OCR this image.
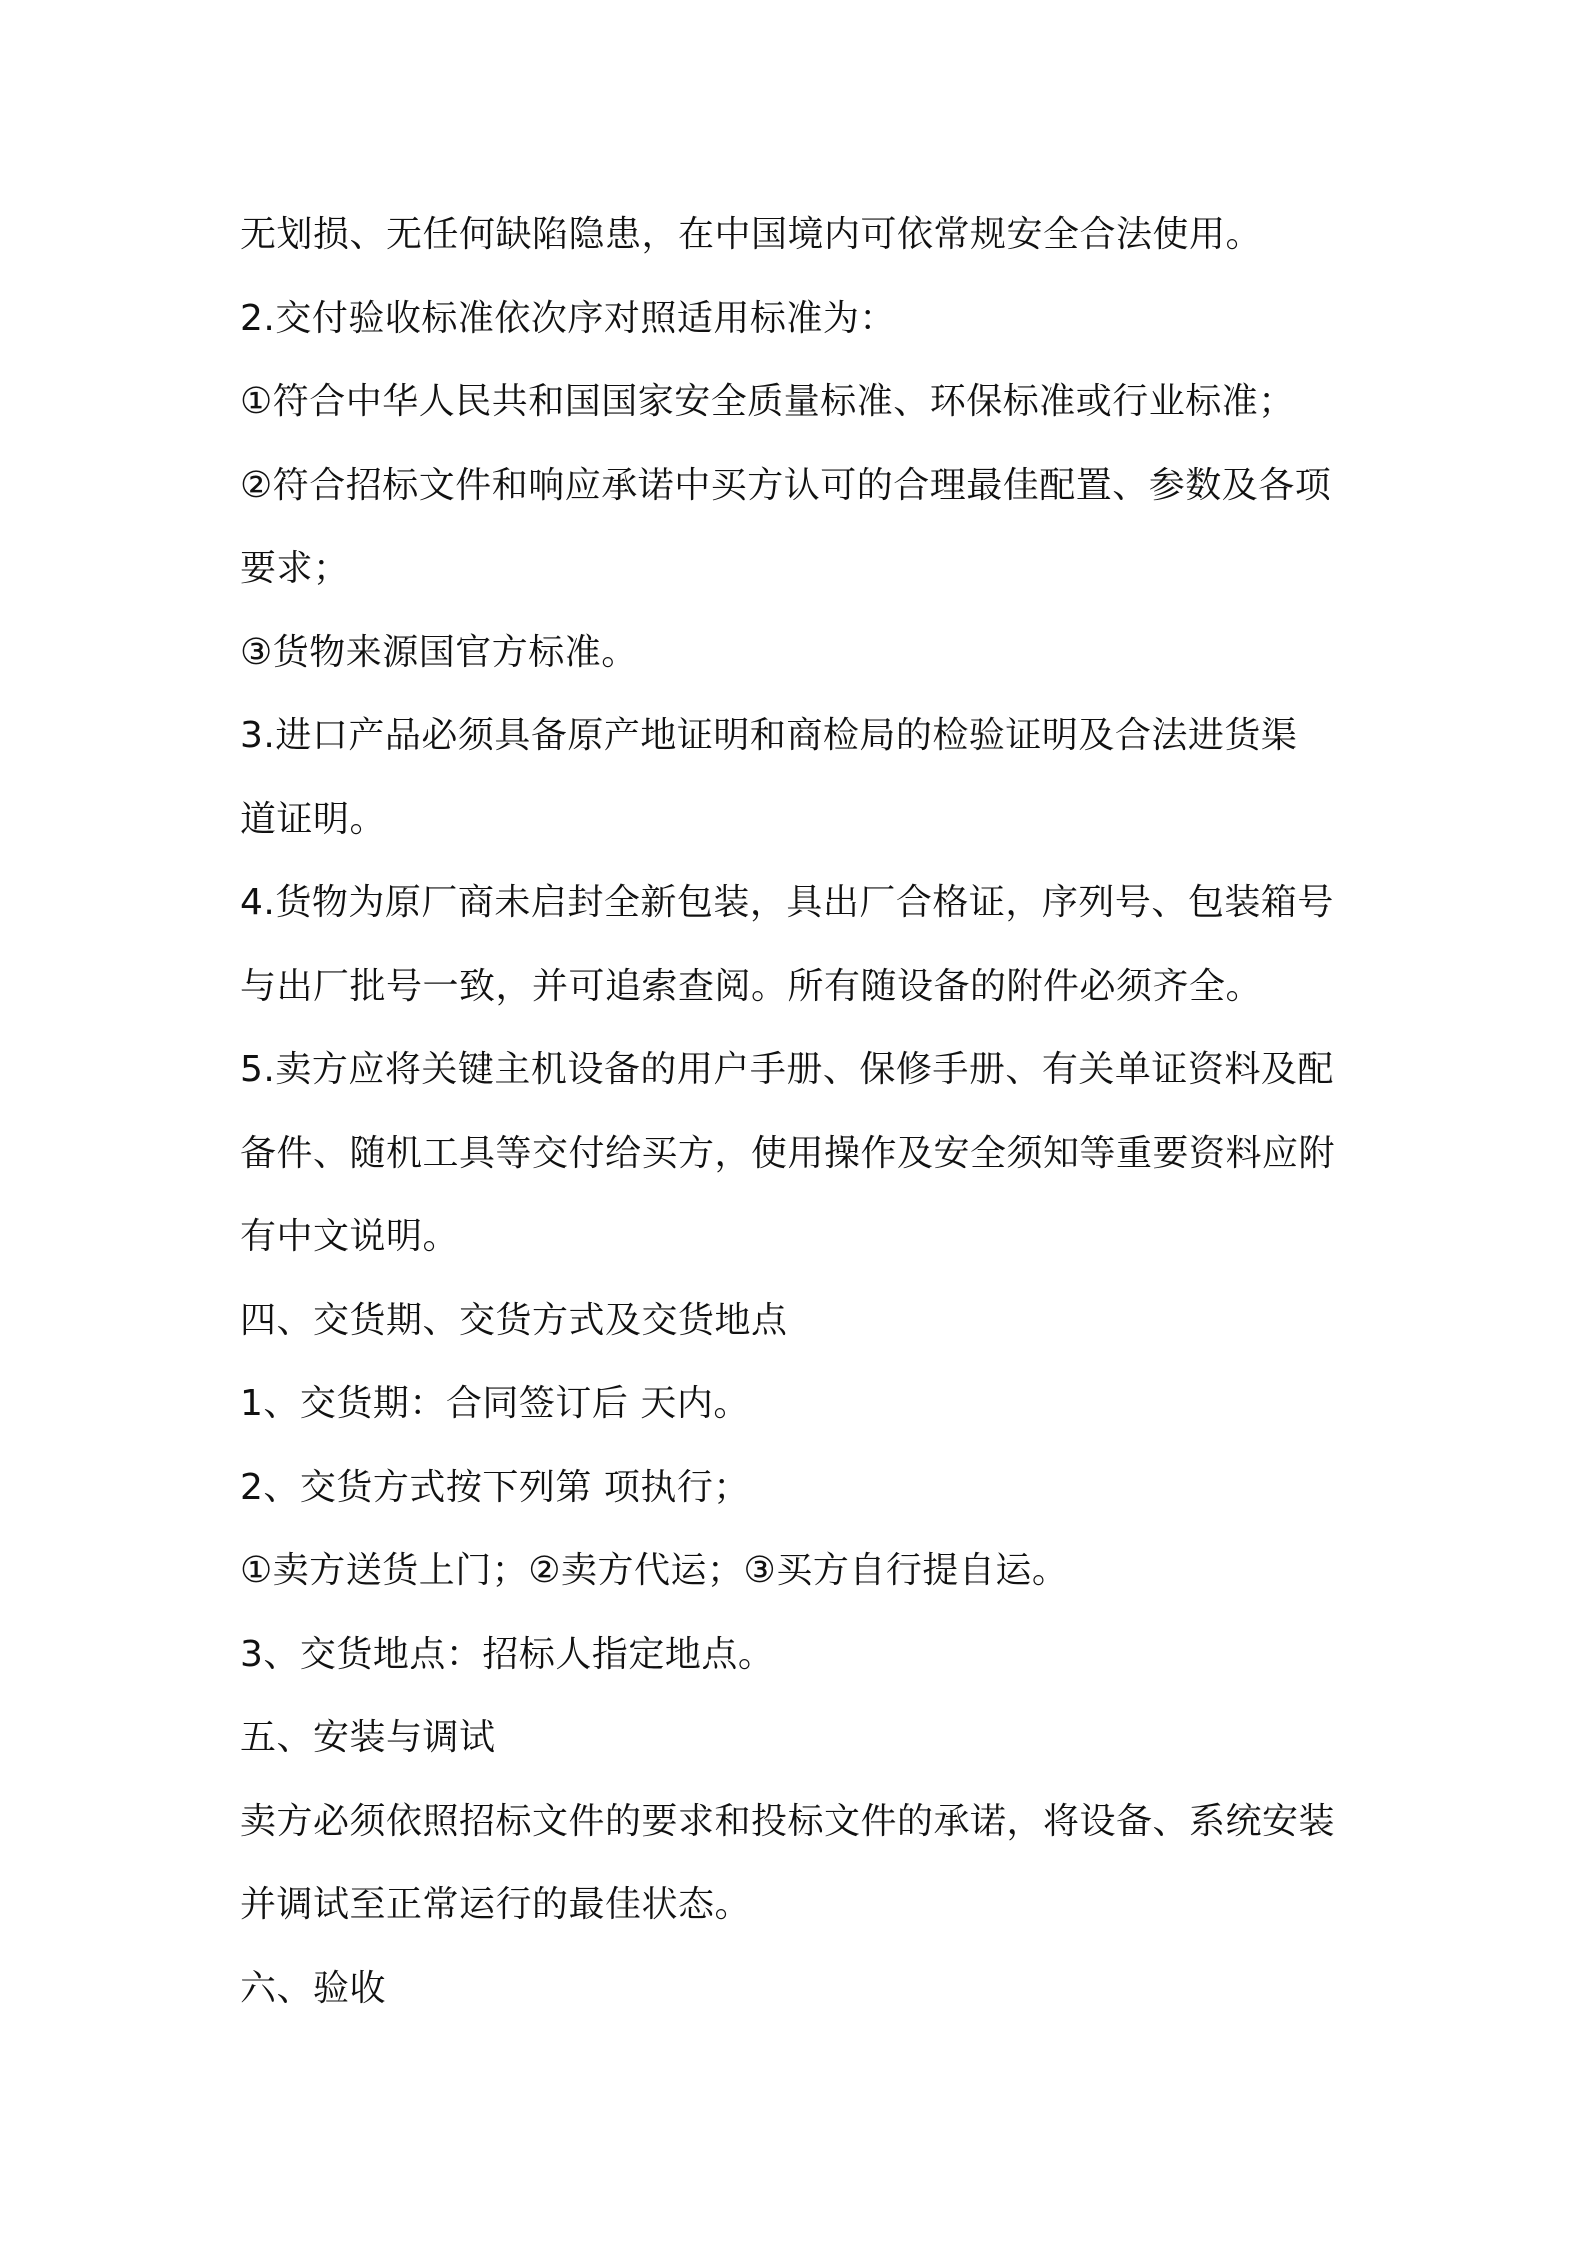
无划损、无任何缺陷隐患，在中国境内可依常规安全合法使用。
2.交付验收标准依次序对照适用标准为：
①符合中华人民共和国国家安全质量标准、环保标准或行业标准；
②符合招标文件和响应承诺中买方认可的合理最佳配置、参数及各项
要求；
③货物来源国官方标准。
3.进口产品必须具备原产地证明和商检局的检验证明及合法进货渠
道证明。
4.货物为原厂商未启封全新包装，具出厂合格证，序列号、包装箱号
与出厂批号一致，并可追索查阅。所有随设备的附件必须齐全。
5.卖方应将关键主机设备的用户手册、保修手册、有关单证资料及配
备件、随机工具等交付给买方，使用操作及安全须知等重要资料应附
有中文说明。
四、交货期、交货方式及交货地点
1、交货期：合同签订后 天内。
2、交货方式按下列第 项执行；
①卖方送货上门；②卖方代运；③买方自行提自运。
3、交货地点：招标人指定地点。
五、安装与调试
卖方必须依照招标文件的要求和投标文件的承诺，将设备、系统安装
并调试至正常运行的最佳状态。
六、验收
